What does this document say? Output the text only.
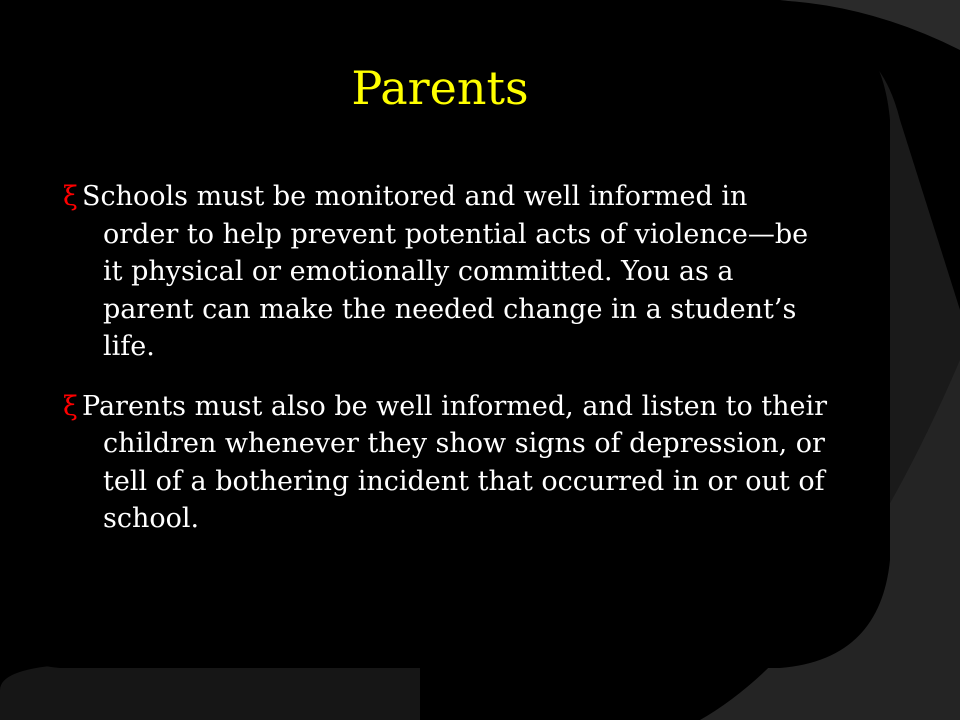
Parents
ξ Schools must be monitored and well informed in order to help prevent potential acts of violence—be it physical or emotionally committed. You as a parent can make the needed change in a student’s life.
ξ Parents must also be well informed, and listen to their children whenever they show signs of depression, or tell of a bothering incident that occurred in or out of school.
